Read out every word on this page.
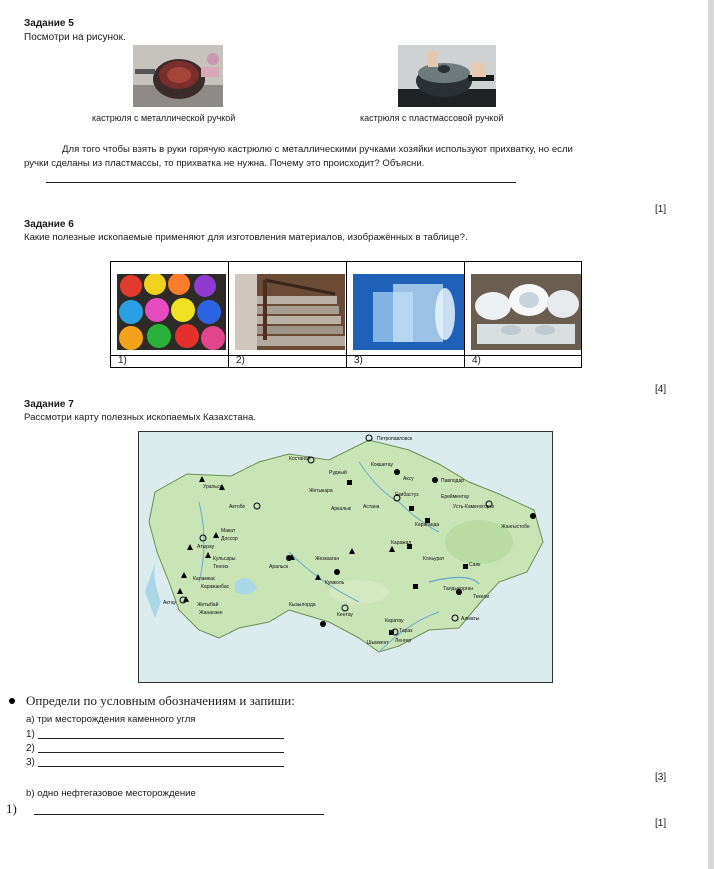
Задание 5
Посмотри на рисунок.
кастрюля с металлической ручкой	кастрюля с пластмассовой ручкой
Для того чтобы взять в руки горячую кастрюлю с металлическими ручками хозяйки используют прихватку, но если
ручки сделаны из пластмассы, то прихватка не нужна. Почему это происходит? Объясни.
[1]
Задание 6
Какие полезные ископаемые применяют для изготовления материалов, изображённых в таблице?.
1)	2)	3)	4)
[4]
Задание 7
Рассмотри карту полезных ископаемых Казахстана.
Петропавловск
Костанай
Кокшетау
Рудный
Аксу	Павлодар
Уральск
Жетыкара
Екибастуз	Ерейментау
Актобе	Аркалык Астана	Усть-Каменогорск
Караганда	Жангыстобе
Макат
Доссор
Каражал
Атырау
Кульсары
Тенгиз
Жезказган	Коньурат
Саяк
Аральск
Кумколь
Каламкас
Каражанбас	Талдыкорган
Текели
Актау	Жетыбай
Жанаозен
Кызылорда
Кентау
Каратау
Тараз
Шымкент Ленгер
Алматы
Определи по условным обозначениям и запиши:
а) три месторождения каменного угля
1)
2)
3)
[3]
b) одно нефтегазовое месторождение
1)
[1]
